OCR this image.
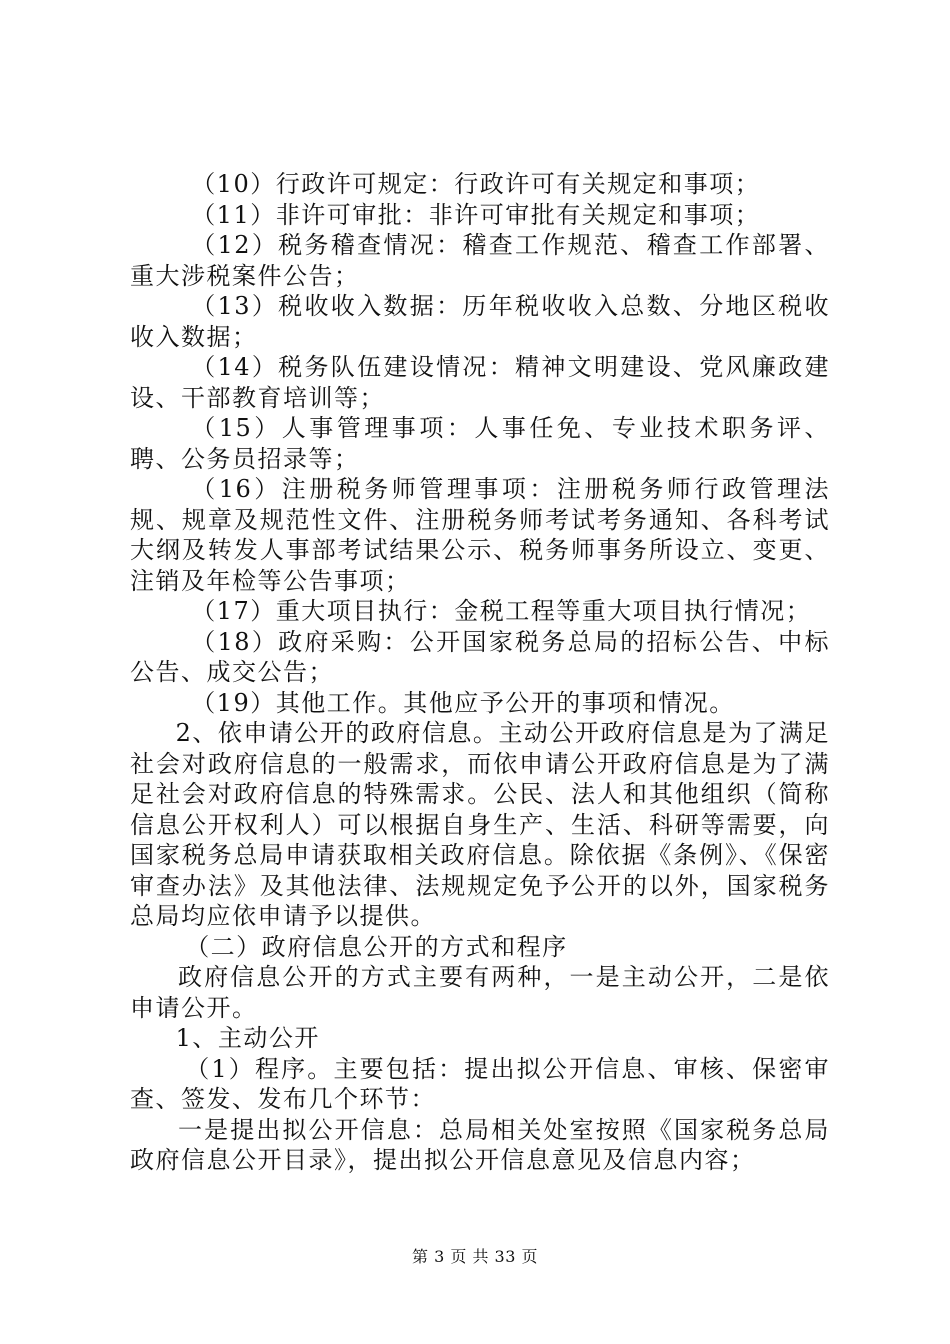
（10）行政许可规定：行政许可有关规定和事项；

（11）非许可审批：非许可审批有关规定和事项；

（12）税务稽查情况：稽查工作规范、稽查工作部署、重大涉税案件公告；

（13）税收收入数据：历年税收收入总数、分地区税收收入数据；

（14）税务队伍建设情况：精神文明建设、党风廉政建设、干部教育培训等；

（15）人事管理事项：人事任免、专业技术职务评、聘、公务员招录等；

（16）注册税务师管理事项：注册税务师行政管理法规、规章及规范性文件、注册税务师考试考务通知、各科考试大纲及转发人事部考试结果公示、税务师事务所设立、变更、注销及年检等公告事项；

（17）重大项目执行：金税工程等重大项目执行情况；

（18）政府采购：公开国家税务总局的招标公告、中标公告、成交公告；

（19）其他工作。其他应予公开的事项和情况。

2、依申请公开的政府信息。主动公开政府信息是为了满足社会对政府信息的一般需求，而依申请公开政府信息是为了满足社会对政府信息的特殊需求。公民、法人和其他组织（简称信息公开权利人）可以根据自身生产、生活、科研等需要，向国家税务总局申请获取相关政府信息。除依据《条例》、《保密审查办法》及其他法律、法规规定免予公开的以外，国家税务总局均应依申请予以提供。

（二）政府信息公开的方式和程序

政府信息公开的方式主要有两种，一是主动公开，二是依申请公开。

1、主动公开

（1）程序。主要包括：提出拟公开信息、审核、保密审查、签发、发布几个环节：

一是提出拟公开信息：总局相关处室按照《国家税务总局政府信息公开目录》，提出拟公开信息意见及信息内容；

第 3 页 共 33 页
